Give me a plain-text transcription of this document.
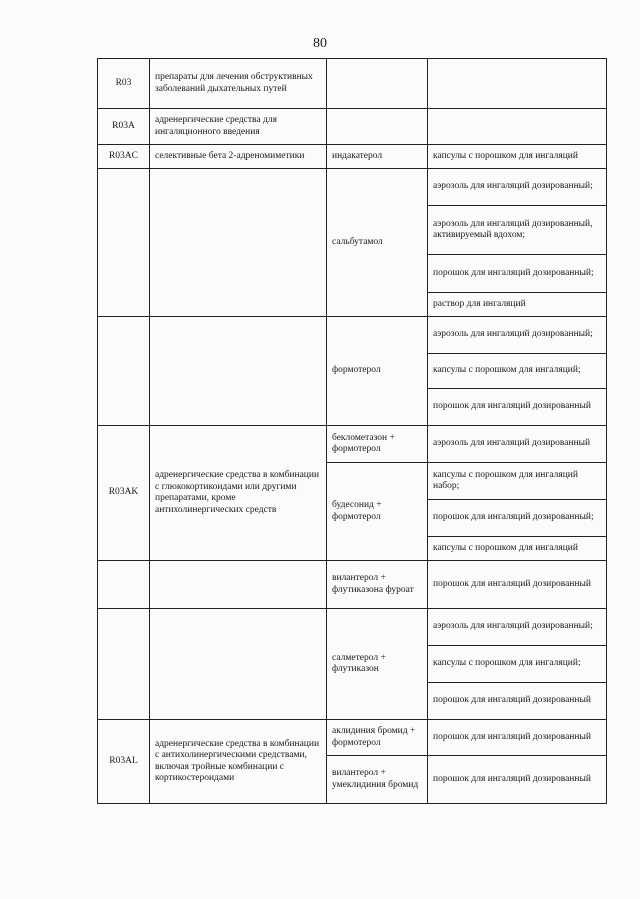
80
R03	препараты для лечения обструктивных заболеваний дыхательных путей		
R03A	адренергические средства для ингаляционного введения		
R03AC	селективные бета 2-адреномиметики	индакатерол	капсулы с порошком для ингаляций
		сальбутамол	аэрозоль для ингаляций дозированный;
			аэрозоль для ингаляций дозированный, активируемый вдохом;
			порошок для ингаляций дозированный;
			раствор для ингаляций
		формотерол	аэрозоль для ингаляций дозированный;
			капсулы с порошком для ингаляций;
			порошок для ингаляций дозированный
R03AK	адренергические средства в комбинации с глюкокортикоидами или другими препаратами, кроме антихолинергических средств	беклометазон + формотерол	аэрозоль для ингаляций дозированный
		будесонид + формотерол	капсулы с порошком для ингаляций набор;
			порошок для ингаляций дозированный;
			капсулы с порошком для ингаляций
		вилантерол + флутиказона фуроат	порошок для ингаляций дозированный
		салметерол + флутиказон	аэрозоль для ингаляций дозированный;
			капсулы с порошком для ингаляций;
			порошок для ингаляций дозированный
R03AL	адренергические средства в комбинации с антихолинергическими средствами, включая тройные комбинации с кортикостероидами	аклидиния бромид + формотерол	порошок для ингаляций дозированный
		вилантерол + умеклидиния бромид	порошок для ингаляций дозированный
